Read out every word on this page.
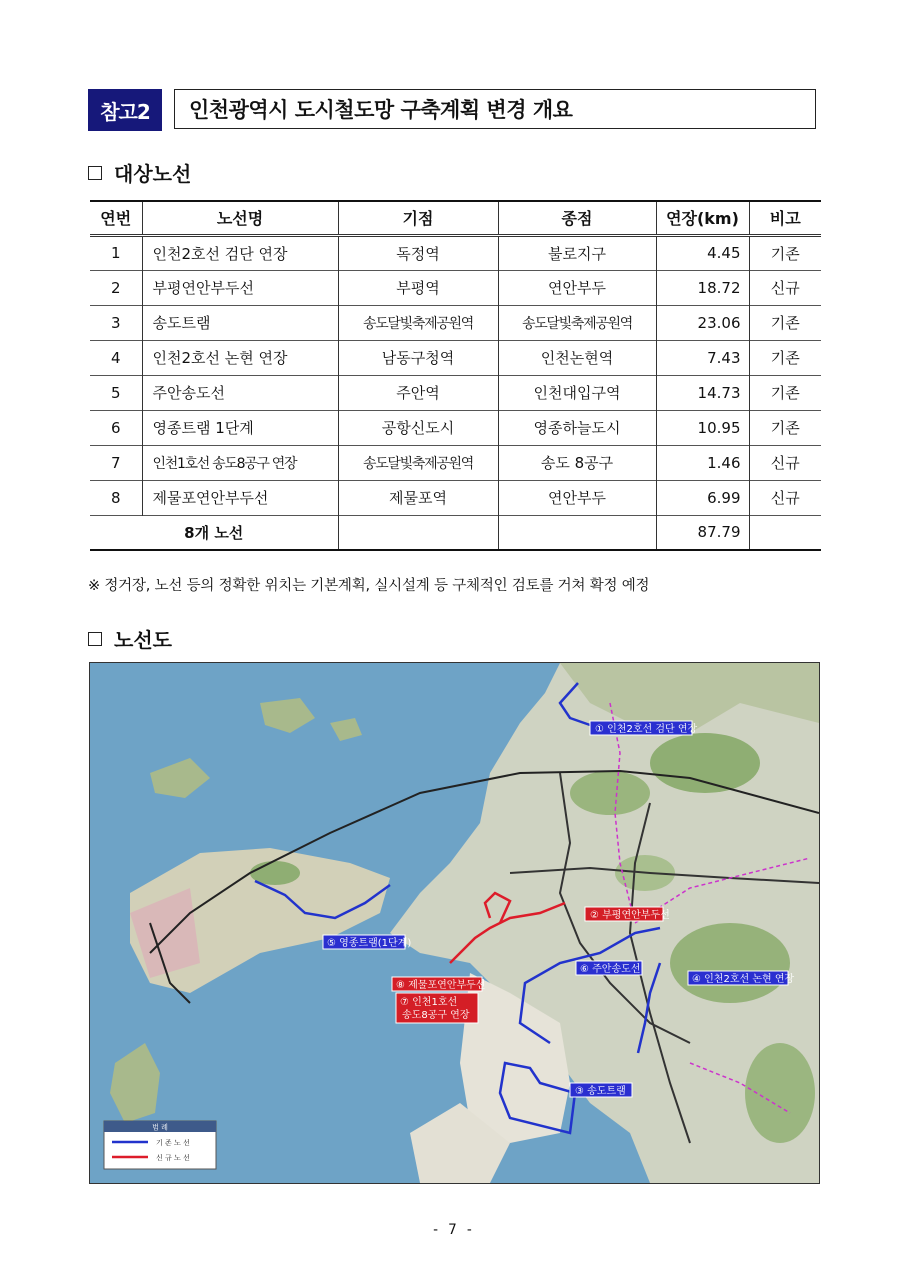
참고2	인천광역시 도시철도망 구축계획 변경 개요
대상노선
연번	노선명	기점	종점	연장(km)	비고
1	인천2호선 검단 연장	독정역	불로지구	4.45	기존
2	부평연안부두선	부평역	연안부두	18.72	신규
3	송도트램	송도달빛축제공원역	송도달빛축제공원역	23.06	기존
4	인천2호선 논현 연장	남동구청역	인천논현역	7.43	기존
5	주안송도선	주안역	인천대입구역	14.73	기존
6	영종트램 1단계	공항신도시	영종하늘도시	10.95	기존
7	인천1호선 송도8공구 연장	송도달빛축제공원역	송도 8공구	1.46	신규
8	제물포연안부두선	제물포역	연안부두	6.99	신규
8개 노선				87.79	
※ 정거장, 노선 등의 정확한 위치는 기본계획, 실시설계 등 구체적인 검토를 거쳐 확정 예정
노선도
① 인천2호선 검단 연장
② 부평연안부두선
③ 송도트램
④ 인천2호선 논현 연장
⑤ 영종트램(1단계)
⑥ 주안송도선
⑦ 인천1호선
송도8공구 연장
⑧ 제물포연안부두선
범 례
기 존 노 선
신 규 노 선
- 7 -
